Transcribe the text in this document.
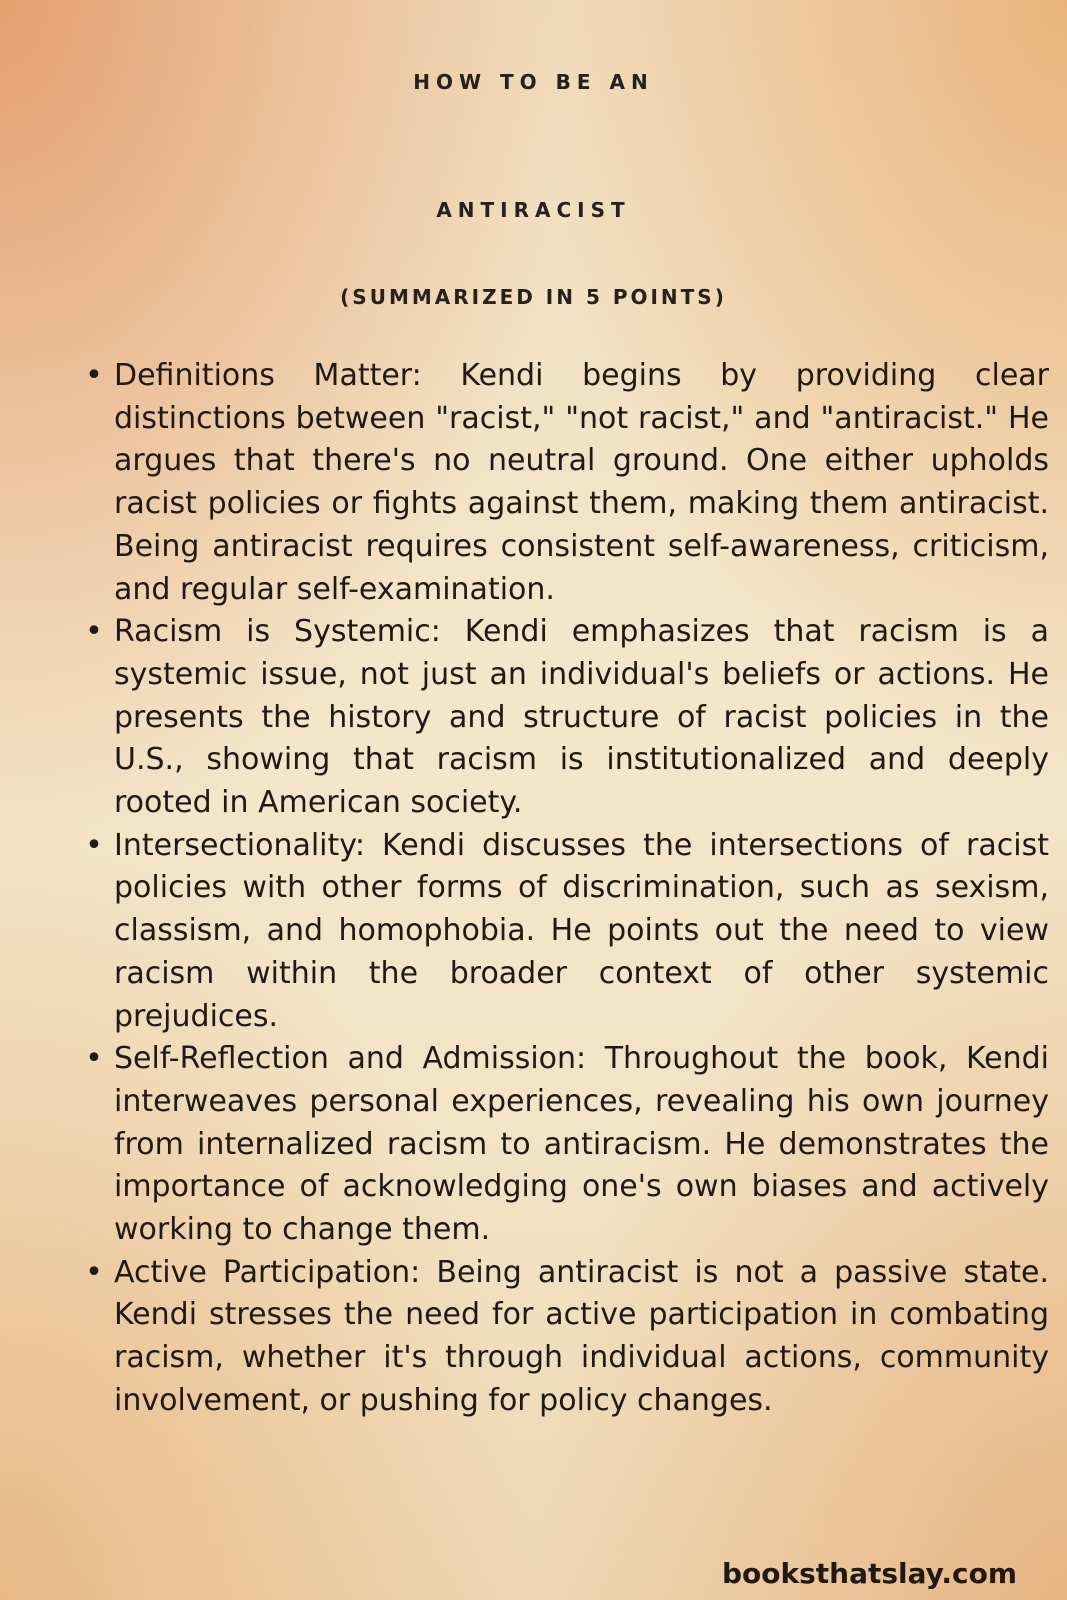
HOW TO BE AN
ANTIRACIST
(SUMMARIZED IN 5 POINTS)
• Definitions Matter: Kendi begins by providing clear distinctions between "racist," "not racist," and "antiracist." He argues that there's no neutral ground. One either upholds racist policies or fights against them, making them antiracist. Being antiracist requires consistent self-awareness, criticism, and regular self-examination.
• Racism is Systemic: Kendi emphasizes that racism is a systemic issue, not just an individual's beliefs or actions. He presents the history and structure of racist policies in the U.S., showing that racism is institutionalized and deeply rooted in American society.
• Intersectionality: Kendi discusses the intersections of racist policies with other forms of discrimination, such as sexism, classism, and homophobia. He points out the need to view racism within the broader context of other systemic prejudices.
• Self-Reflection and Admission: Throughout the book, Kendi interweaves personal experiences, revealing his own journey from internalized racism to antiracism. He demonstrates the importance of acknowledging one's own biases and actively working to change them.
• Active Participation: Being antiracist is not a passive state. Kendi stresses the need for active participation in combating racism, whether it's through individual actions, community involvement, or pushing for policy changes.

booksthatslay.com
